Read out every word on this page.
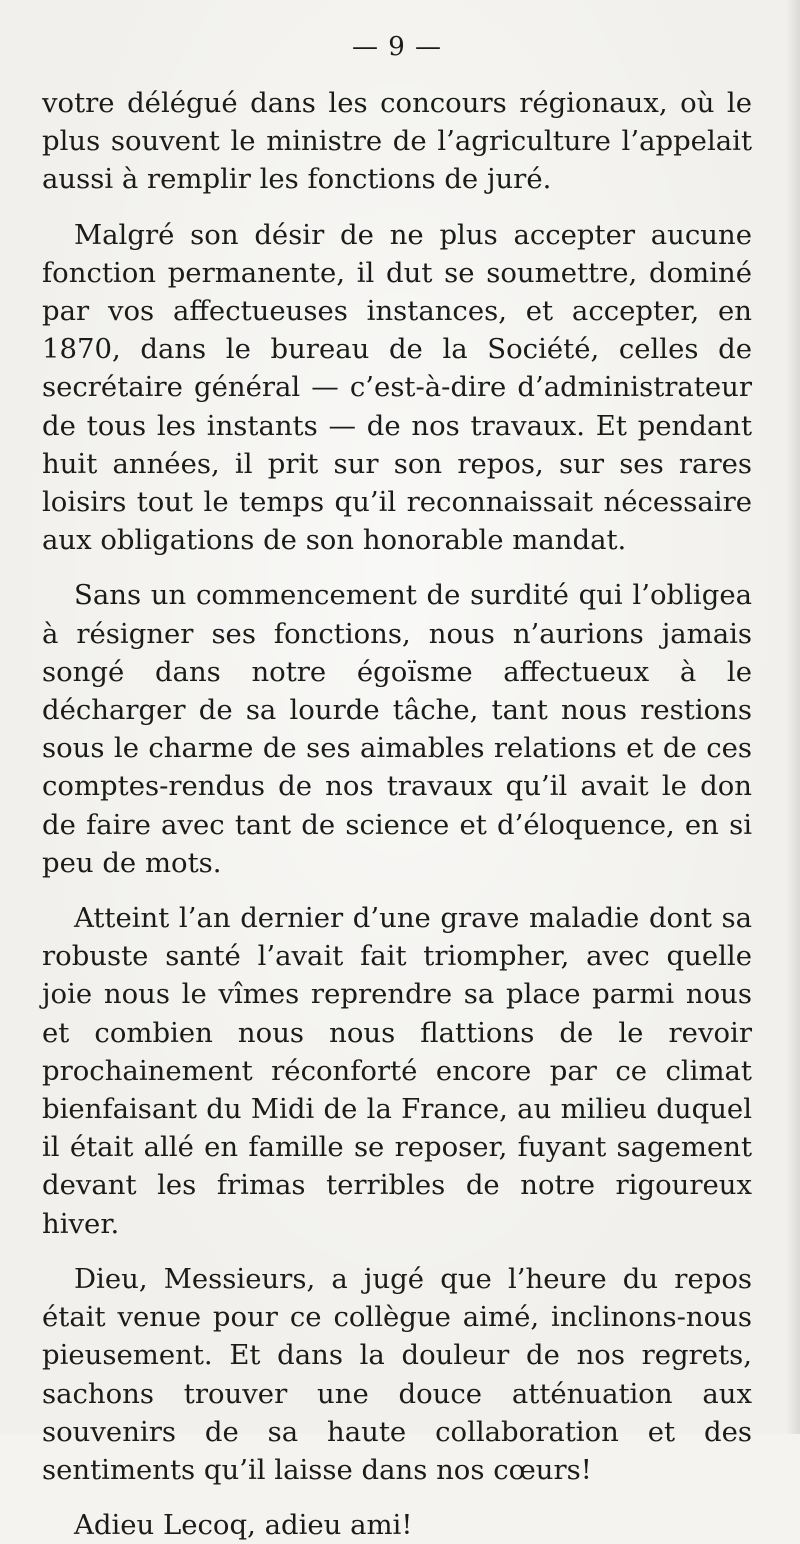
— 9 —

votre délégué dans les concours régionaux, où le plus souvent le ministre de l’agriculture l’appelait aussi à remplir les fonctions de juré.

Malgré son désir de ne plus accepter aucune fonction permanente, il dut se soumettre, dominé par vos affectueuses instances, et accepter, en 1870, dans le bureau de la Société, celles de secrétaire général — c’est-à-dire d’administrateur de tous les instants — de nos travaux. Et pendant huit années, il prit sur son repos, sur ses rares loisirs tout le temps qu’il reconnaissait nécessaire aux obligations de son honorable mandat.

Sans un commencement de surdité qui l’obligea à résigner ses fonctions, nous n’aurions jamais songé dans notre égoïsme affectueux à le décharger de sa lourde tâche, tant nous restions sous le charme de ses aimables relations et de ces comptes-rendus de nos travaux qu’il avait le don de faire avec tant de science et d’éloquence, en si peu de mots.

Atteint l’an dernier d’une grave maladie dont sa robuste santé l’avait fait triompher, avec quelle joie nous le vîmes reprendre sa place parmi nous et combien nous nous flattions de le revoir prochainement réconforté encore par ce climat bienfaisant du Midi de la France, au milieu duquel il était allé en famille se reposer, fuyant sagement devant les frimas terribles de notre rigoureux hiver.

Dieu, Messieurs, a jugé que l’heure du repos était venue pour ce collègue aimé, inclinons-nous pieusement. Et dans la douleur de nos regrets, sachons trouver une douce atténuation aux souvenirs de sa haute collaboration et des sentiments qu’il laisse dans nos cœurs!

Adieu Lecoq, adieu ami!
